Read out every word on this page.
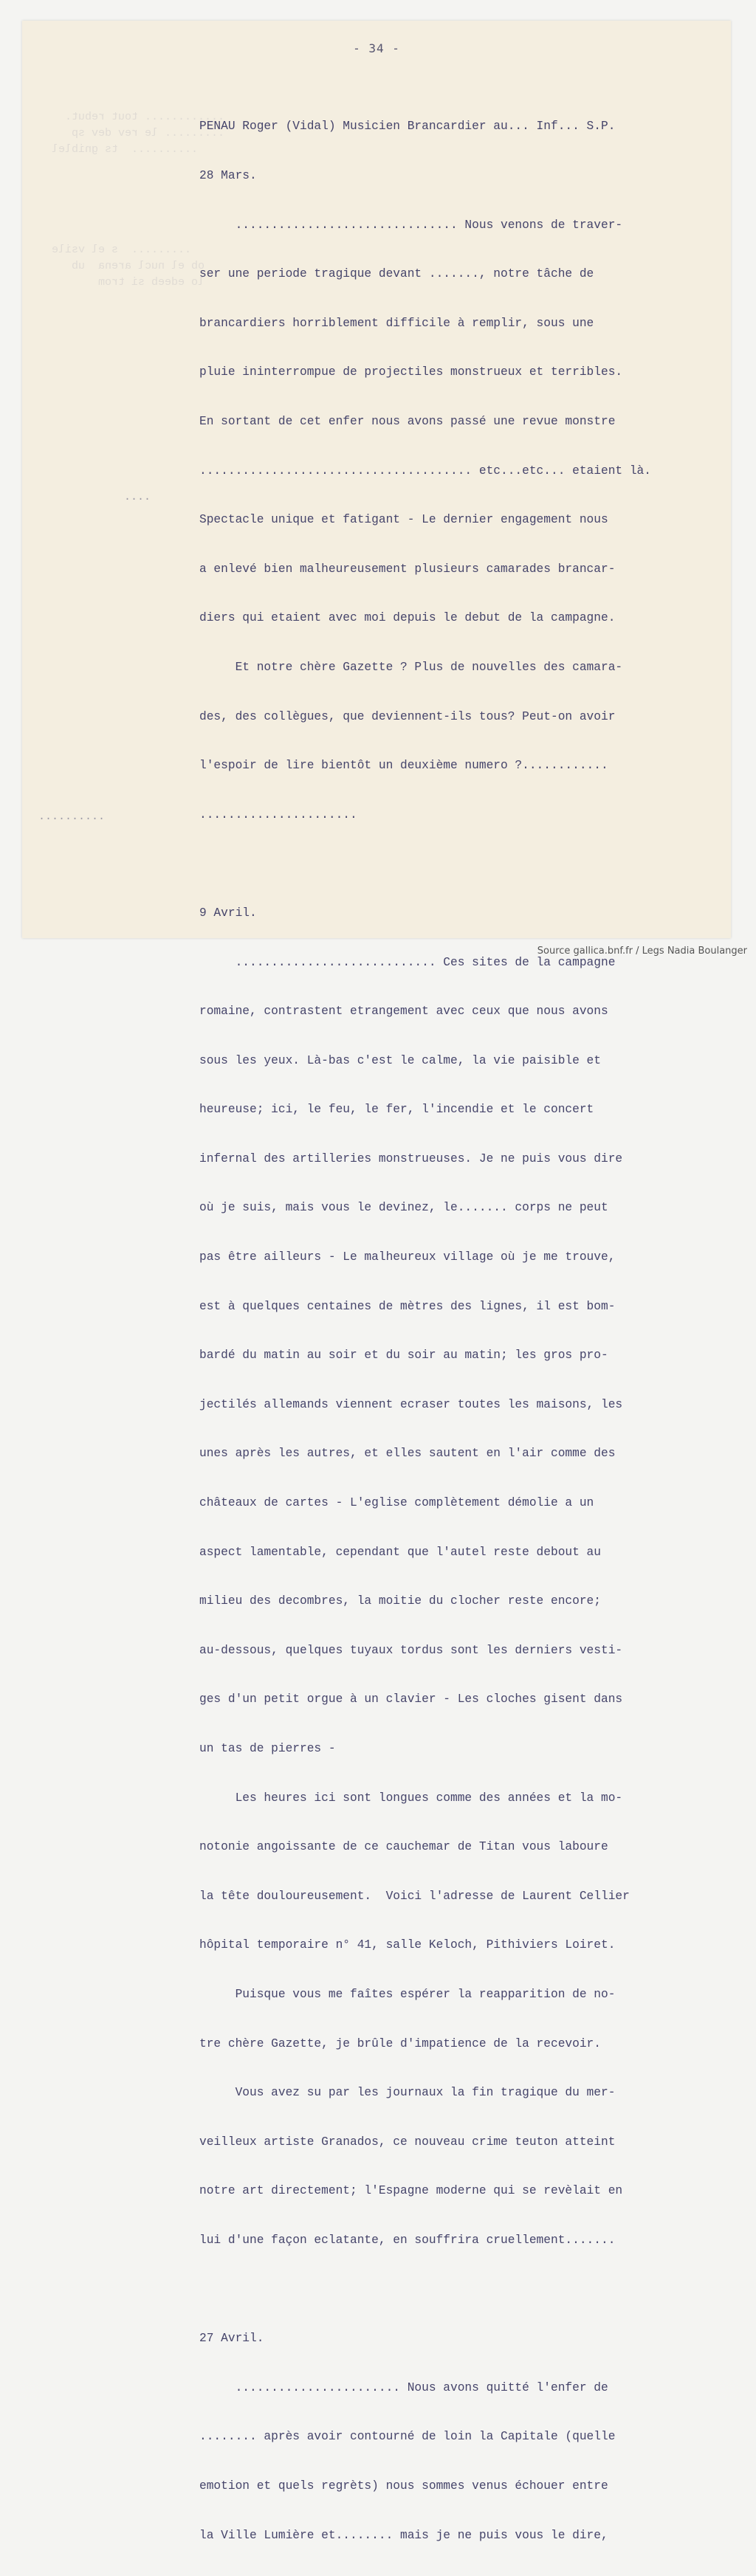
- 34 -
............ tout rebut.
......... le rev dev sp
..........  ts gniblel

.........  s el vsile
ob el nucl arena  ub
lo edeeb si trom

....
..........

PENAU Roger (Vidal) Musicien Brancardier au... Inf... S.P.

28 Mars.

............................... Nous venons de traver-

ser une periode tragique devant ......., notre tâche de

brancardiers horriblement difficile à remplir, sous une

pluie ininterrompue de projectiles monstrueux et terribles.

En sortant de cet enfer nous avons passé une revue monstre

...................................... etc...etc... etaient là.

Spectacle unique et fatigant - Le dernier engagement nous

a enlevé bien malheureusement plusieurs camarades brancar-

diers qui etaient avec moi depuis le debut de la campagne.

Et notre chère Gazette ? Plus de nouvelles des camara-

des, des collègues, que deviennent-ils tous? Peut-on avoir

l'espoir de lire bientôt un deuxième numero ?............

......................

9 Avril.

............................ Ces sites de la campagne

romaine, contrastent etrangement avec ceux que nous avons

sous les yeux. Là-bas c'est le calme, la vie paisible et

heureuse; ici, le feu, le fer, l'incendie et le concert

infernal des artilleries monstrueuses. Je ne puis vous dire

où je suis, mais vous le devinez, le....... corps ne peut

pas être ailleurs - Le malheureux village où je me trouve,

est à quelques centaines de mètres des lignes, il est bom-

bardé du matin au soir et du soir au matin; les gros pro-

jectilés allemands viennent ecraser toutes les maisons, les

unes après les autres, et elles sautent en l'air comme des

châteaux de cartes - L'eglise complètement démolie a un

aspect lamentable, cependant que l'autel reste debout au

milieu des decombres, la moitie du clocher reste encore;

au-dessous, quelques tuyaux tordus sont les derniers vesti-

ges d'un petit orgue à un clavier - Les cloches gisent dans

un tas de pierres -

Les heures ici sont longues comme des années et la mo-

notonie angoissante de ce cauchemar de Titan vous laboure

la tête douloureusement.  Voici l'adresse de Laurent Cellier

hôpital temporaire n° 41, salle Keloch, Pithiviers Loiret.

Puisque vous me faîtes espérer la reapparition de no-

tre chère Gazette, je brûle d'impatience de la recevoir.

Vous avez su par les journaux la fin tragique du mer-

veilleux artiste Granados, ce nouveau crime teuton atteint

notre art directement; l'Espagne moderne qui se revèlait en

lui d'une façon eclatante, en souffrira cruellement.......

27 Avril.

....................... Nous avons quitté l'enfer de

........ après avoir contourné de loin la Capitale (quelle

emotion et quels regrèts) nous sommes venus échouer entre

la Ville Lumière et........ mais je ne puis vous le dire,

Source gallica.bnf.fr / Legs Nadia Boulanger
